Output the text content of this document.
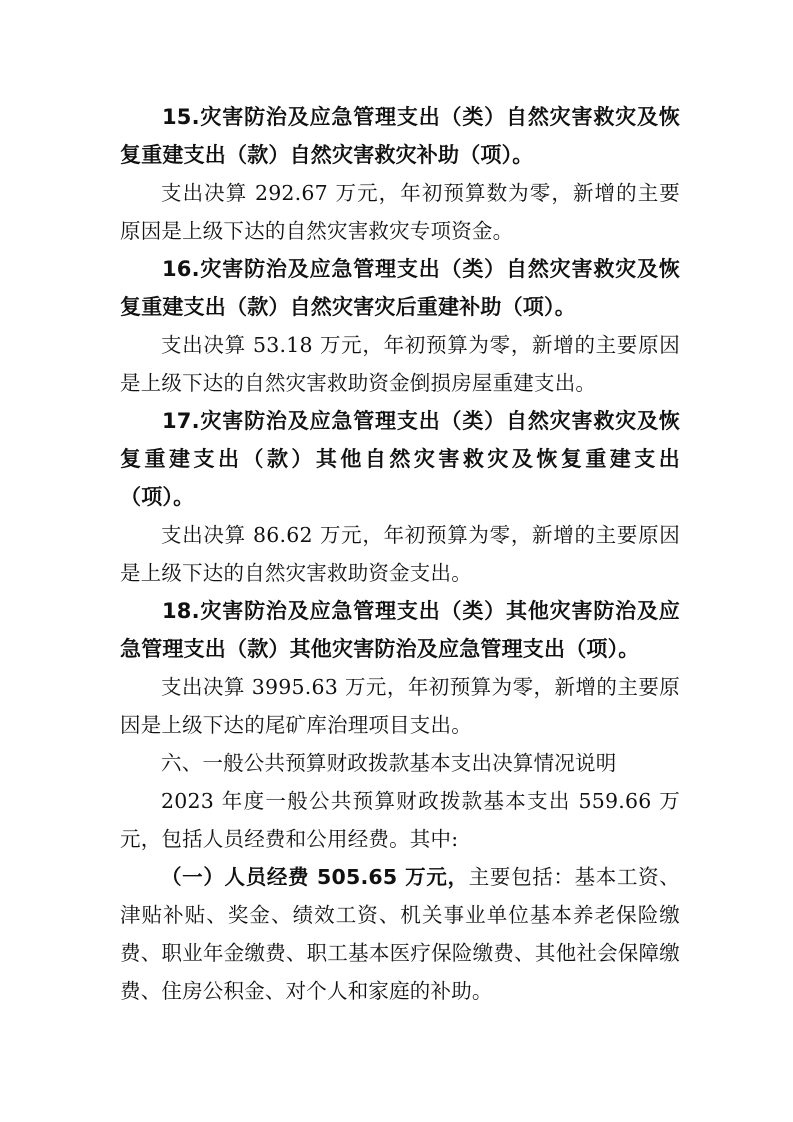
15.灾害防治及应急管理支出（类）自然灾害救灾及恢复重建支出（款）自然灾害救灾补助（项）。

支出决算 292.67 万元，年初预算数为零，新增的主要原因是上级下达的自然灾害救灾专项资金。

16.灾害防治及应急管理支出（类）自然灾害救灾及恢复重建支出（款）自然灾害灾后重建补助（项）。

支出决算 53.18 万元，年初预算为零，新增的主要原因是上级下达的自然灾害救助资金倒损房屋重建支出。

17.灾害防治及应急管理支出（类）自然灾害救灾及恢复重建支出（款）其他自然灾害救灾及恢复重建支出（项）。

支出决算 86.62 万元，年初预算为零，新增的主要原因是上级下达的自然灾害救助资金支出。

18.灾害防治及应急管理支出（类）其他灾害防治及应急管理支出（款）其他灾害防治及应急管理支出（项）。

支出决算 3995.63 万元，年初预算为零，新增的主要原因是上级下达的尾矿库治理项目支出。

六、一般公共预算财政拨款基本支出决算情况说明

2023 年度一般公共预算财政拨款基本支出 559.66 万元，包括人员经费和公用经费。其中:

（一）人员经费 505.65 万元，主要包括：基本工资、津贴补贴、奖金、绩效工资、机关事业单位基本养老保险缴费、职业年金缴费、职工基本医疗保险缴费、其他社会保障缴费、住房公积金、对个人和家庭的补助。
